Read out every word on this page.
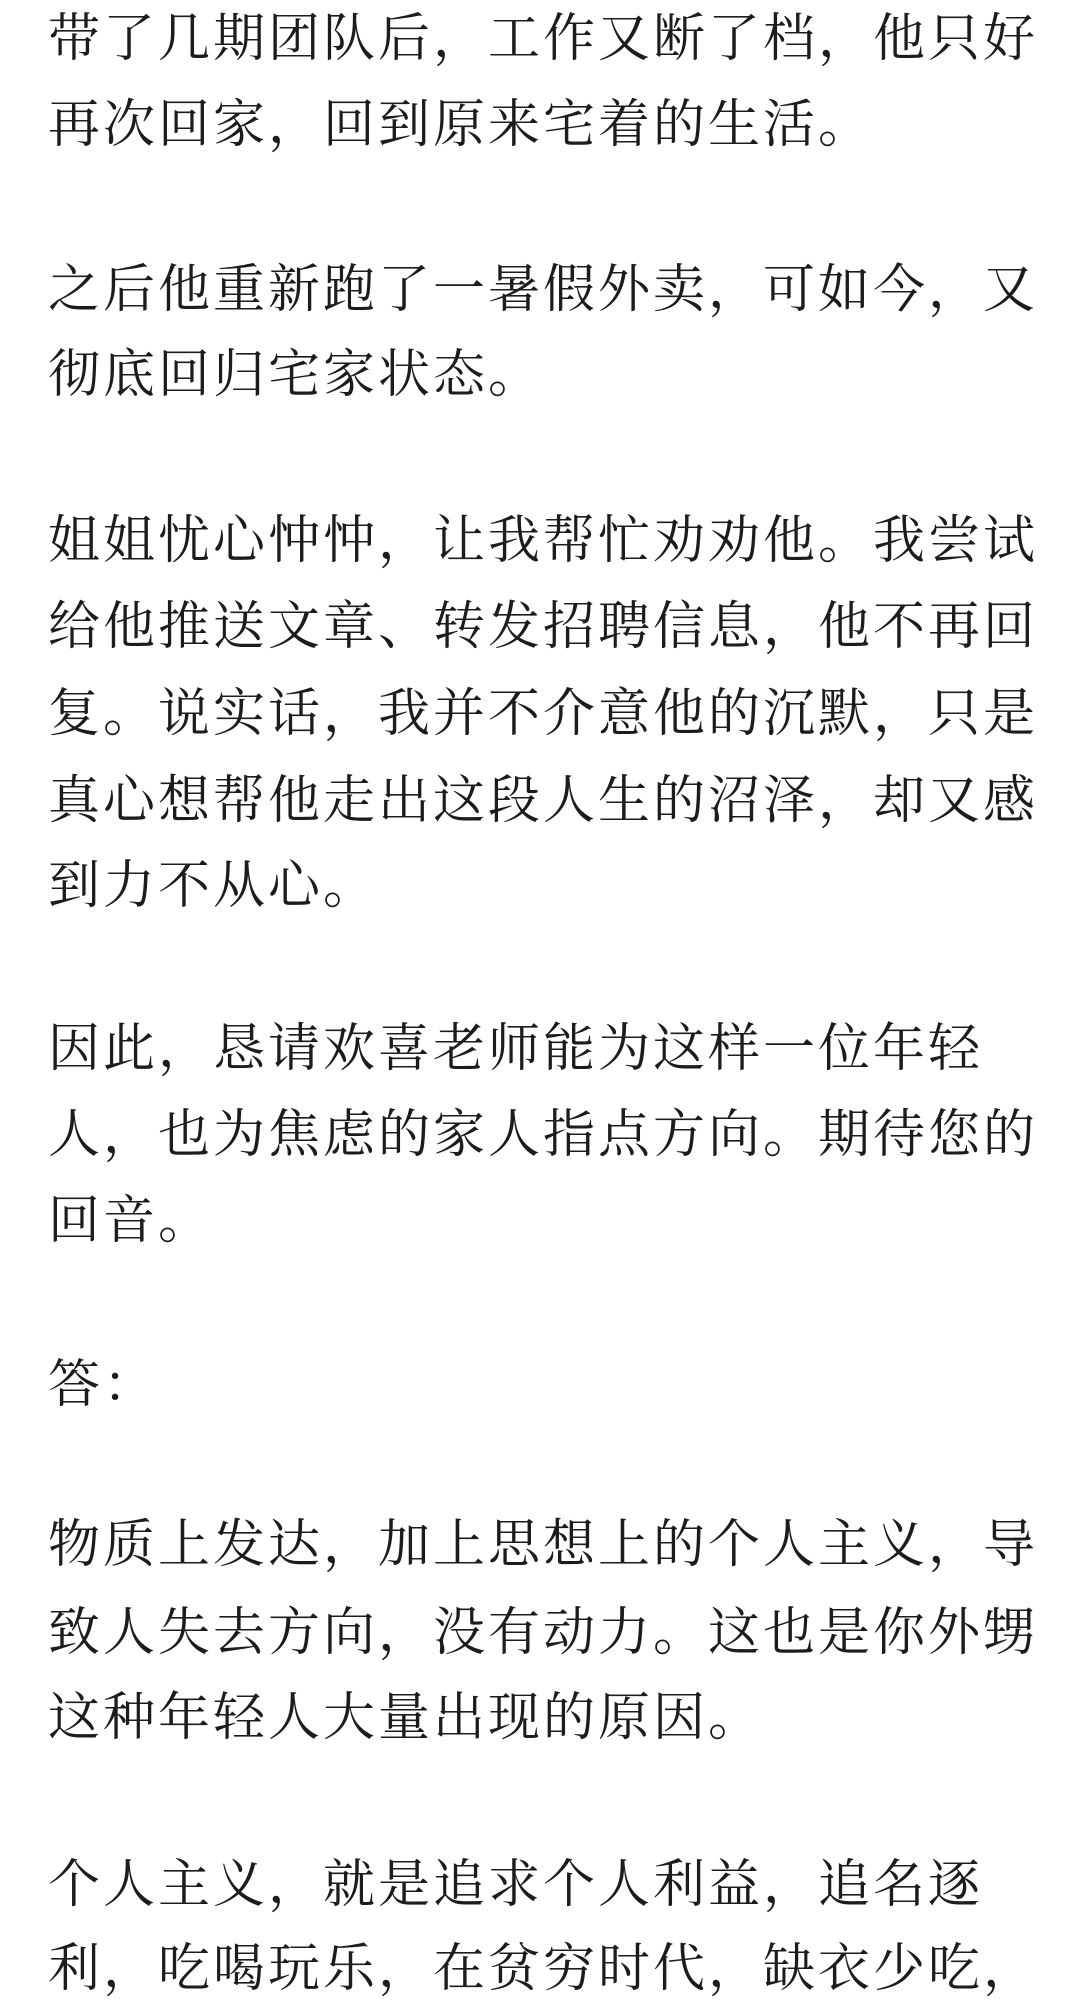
带了几期团队后，工作又断了档，他只好
再次回家，回到原来宅着的生活。
之后他重新跑了一暑假外卖，可如今，又
彻底回归宅家状态。
姐姐忧心忡忡，让我帮忙劝劝他。我尝试
给他推送文章、转发招聘信息，他不再回
复。说实话，我并不介意他的沉默，只是
真心想帮他走出这段人生的沼泽，却又感
到力不从心。
因此，恳请欢喜老师能为这样一位年轻
人，也为焦虑的家人指点方向。期待您的
回音。
答：
物质上发达，加上思想上的个人主义，导
致人失去方向，没有动力。这也是你外甥
这种年轻人大量出现的原因。
个人主义，就是追求个人利益，追名逐
利，吃喝玩乐，在贫穷时代，缺衣少吃，
